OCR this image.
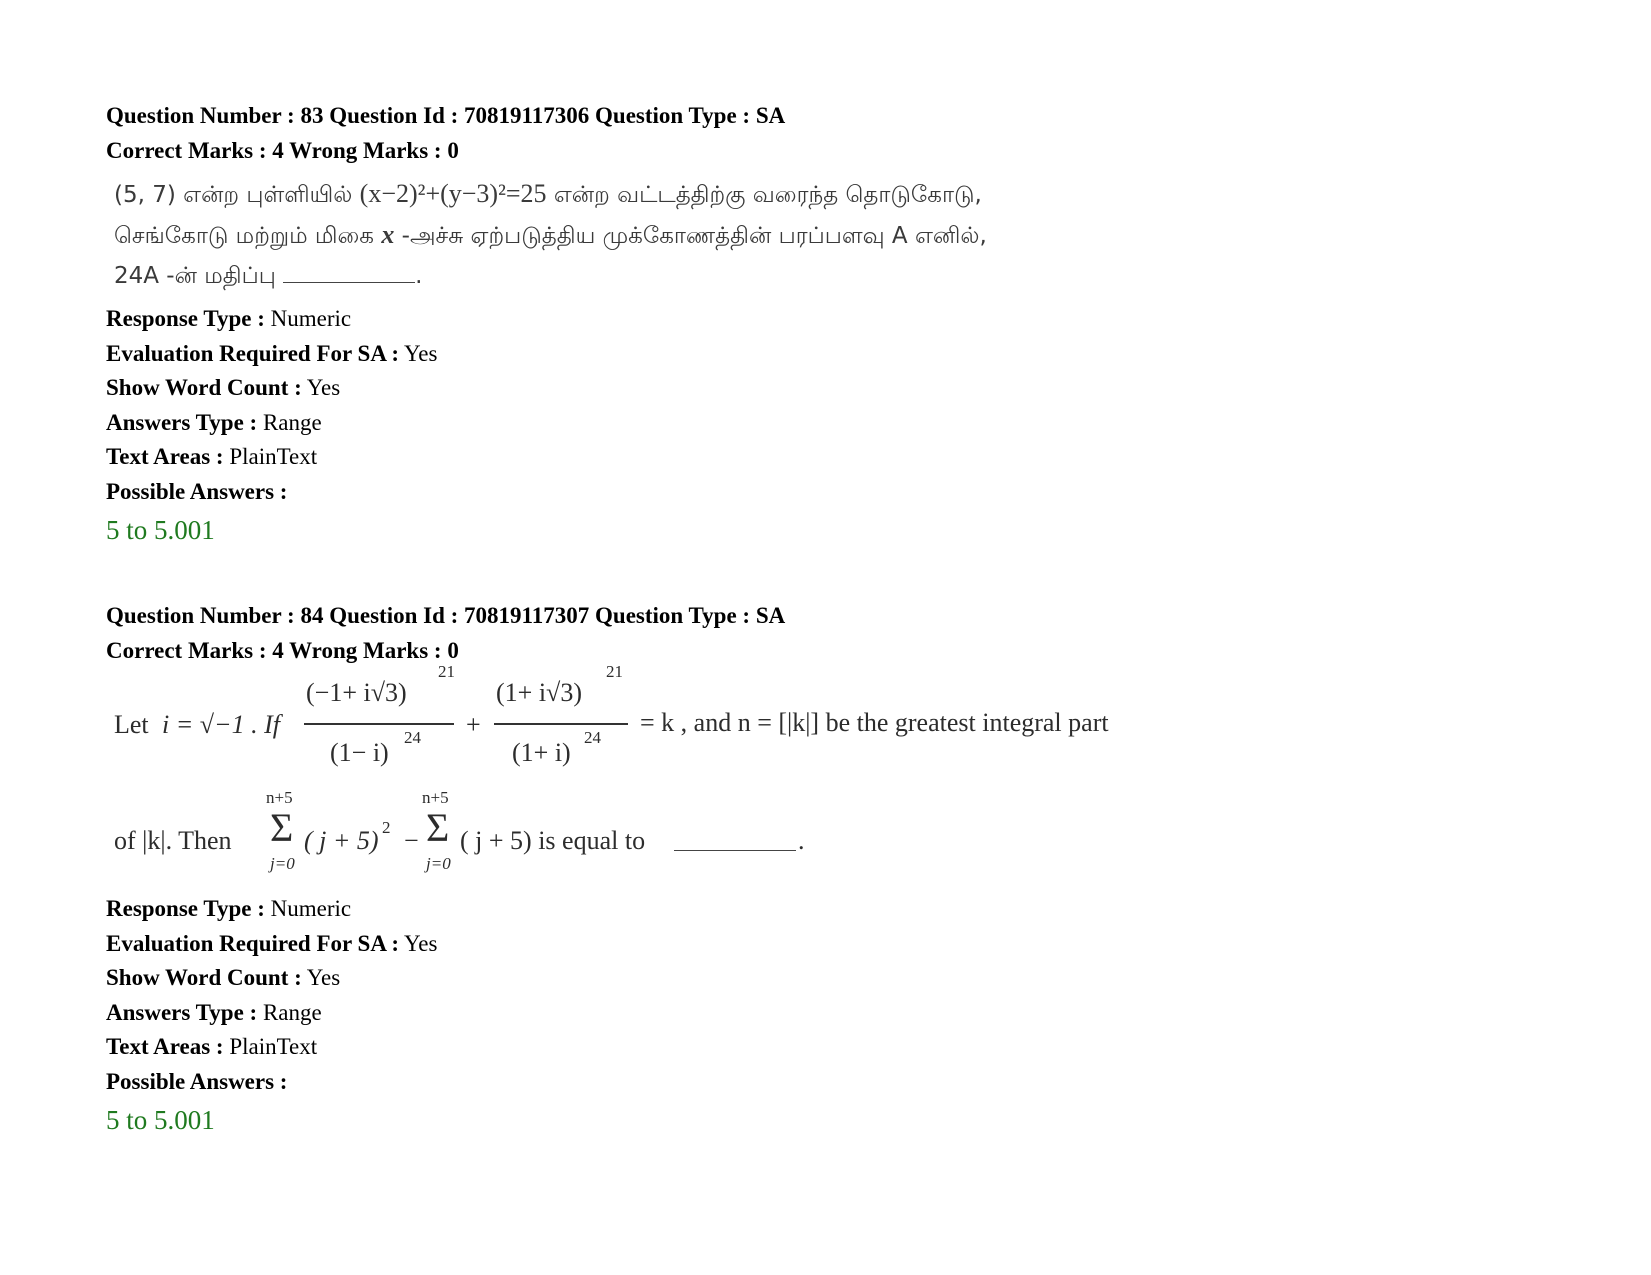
Question Number : 83 Question Id : 70819117306 Question Type : SA
Correct Marks : 4 Wrong Marks : 0
(5, 7) என்ற புள்ளியில் (x−2)²+(y−3)²=25 என்ற வட்டத்திற்கு வரைந்த தொடுகோடு,
செங்கோடு மற்றும் மிகை x -அச்சு ஏற்படுத்திய முக்கோணத்தின் பரப்பளவு A எனில்,
24A -ன் மதிப்பு	.
Response Type : Numeric
Evaluation Required For SA : Yes
Show Word Count : Yes
Answers Type : Range
Text Areas : PlainText
Possible Answers :
5 to 5.001
Question Number : 84 Question Id : 70819117307 Question Type : SA
Correct Marks : 4 Wrong Marks : 0
Let i = √−1 . If
(−1+ i√3)
21
(1− i)
24 +
(1+ i√3)
21
(1+ i)
24
= k , and n = [|k|] be the greatest integral part
of |k|. Then
n+5
Σ
j=0
( j + 5) 2 −
n+5
Σ
j=0
( j + 5) is equal to	.
Response Type : Numeric
Evaluation Required For SA : Yes
Show Word Count : Yes
Answers Type : Range
Text Areas : PlainText
Possible Answers :
5 to 5.001
